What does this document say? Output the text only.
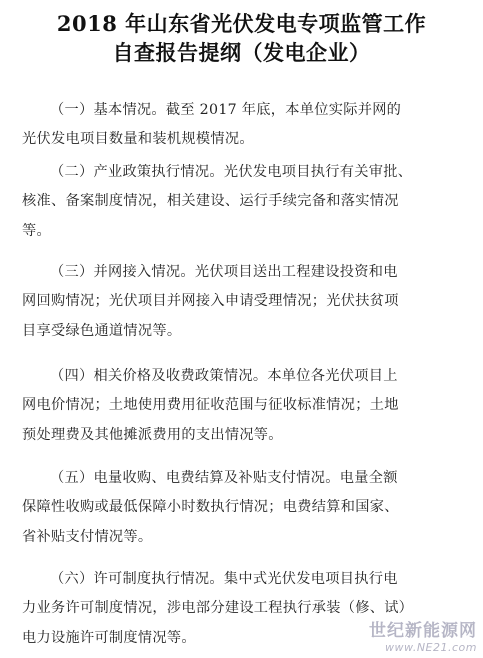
2018 年山东省光伏发电专项监管工作
自查报告提纲（发电企业）
（一）基本情况。截至 2017 年底，本单位实际并网的
光伏发电项目数量和装机规模情况。
（二）产业政策执行情况。光伏发电项目执行有关审批、
核准、备案制度情况，相关建设、运行手续完备和落实情况
等。
（三）并网接入情况。光伏项目送出工程建设投资和电
网回购情况；光伏项目并网接入申请受理情况；光伏扶贫项
目享受绿色通道情况等。
（四）相关价格及收费政策情况。本单位各光伏项目上
网电价情况；土地使用费用征收范围与征收标准情况；土地
预处理费及其他摊派费用的支出情况等。
（五）电量收购、电费结算及补贴支付情况。电量全额
保障性收购或最低保障小时数执行情况；电费结算和国家、
省补贴支付情况等。
（六）许可制度执行情况。集中式光伏发电项目执行电
力业务许可制度情况，涉电部分建设工程执行承装（修、试）
电力设施许可制度情况等。	世纪新能源网
www.NE21.com
